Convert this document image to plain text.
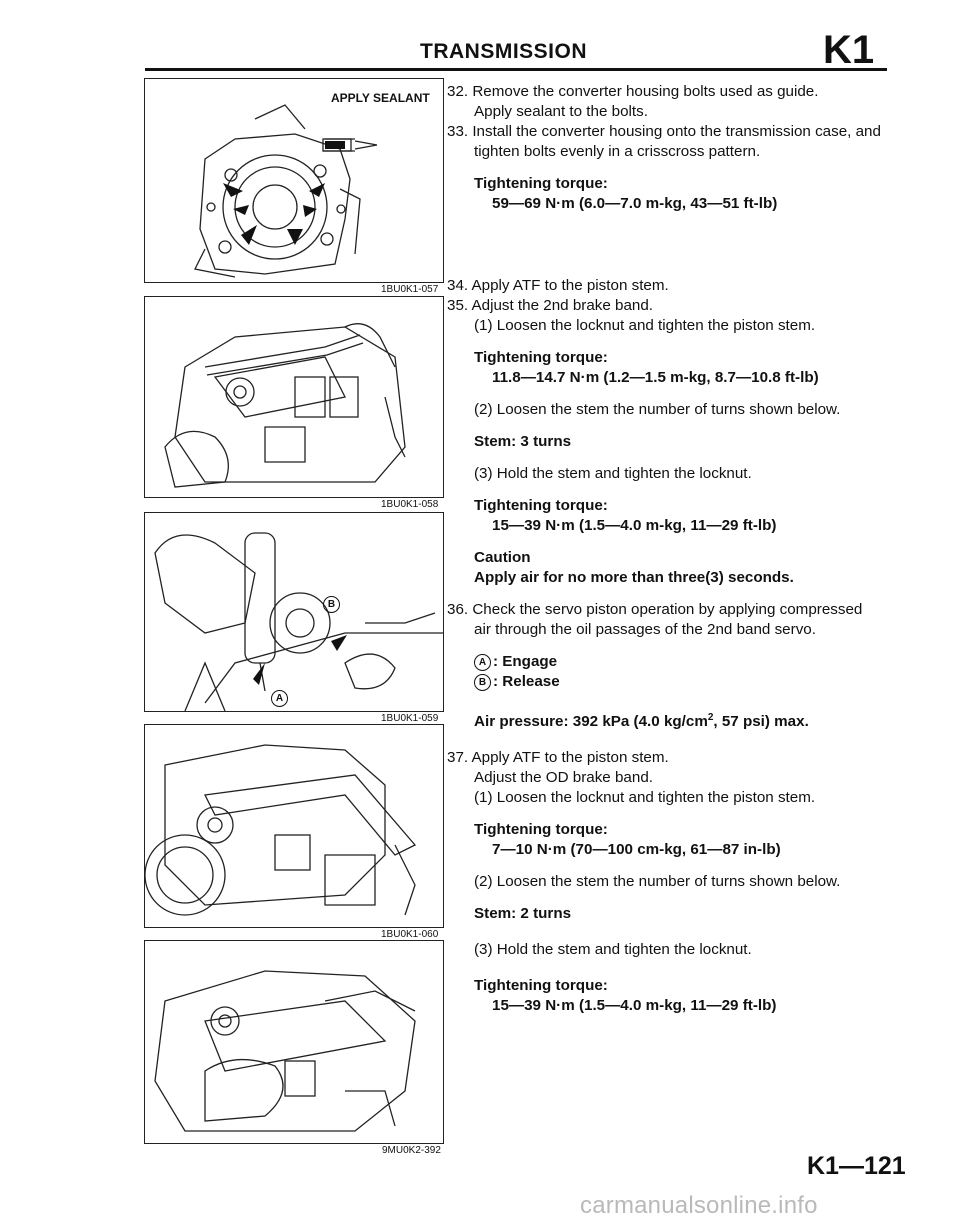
TRANSMISSION	K1
APPLY SEALANT
1BU0K1-057
1BU0K1-058
B
A
1BU0K1-059
1BU0K1-060
9MU0K2-392

32. Remove the converter housing bolts used as guide.

Apply sealant to the bolts.

33. Install the converter housing onto the transmission case, and

tighten bolts evenly in a crisscross pattern.

Tightening torque:

59—69 N·m (6.0—7.0 m-kg, 43—51 ft-lb)

34. Apply ATF to the piston stem.

35. Adjust the 2nd brake band.

(1) Loosen the locknut and tighten the piston stem.

Tightening torque:

11.8—14.7 N·m (1.2—1.5 m-kg, 8.7—10.8 ft-lb)

(2) Loosen the stem the number of turns shown below.

Stem: 3 turns

(3) Hold the stem and tighten the locknut.

Tightening torque:

15—39 N·m (1.5—4.0 m-kg, 11—29 ft-lb)

Caution

Apply air for no more than three(3) seconds.

36. Check the servo piston operation by applying compressed

air through the oil passages of the 2nd band servo.

A : Engage

B : Release

Air pressure: 392 kPa (4.0 $kg/cm^2$, 57 psi) max.

37. Apply ATF to the piston stem.

Adjust the OD brake band.

(1) Loosen the locknut and tighten the piston stem.

Tightening torque:

7—10 N·m (70—100 cm-kg, 61—87 in-lb)

(2) Loosen the stem the number of turns shown below.

Stem: 2 turns

(3) Hold the stem and tighten the locknut.

Tightening torque:

15—39 N·m (1.5—4.0 m-kg, 11—29 ft-lb)

K1—121
carmanualsonline.info
